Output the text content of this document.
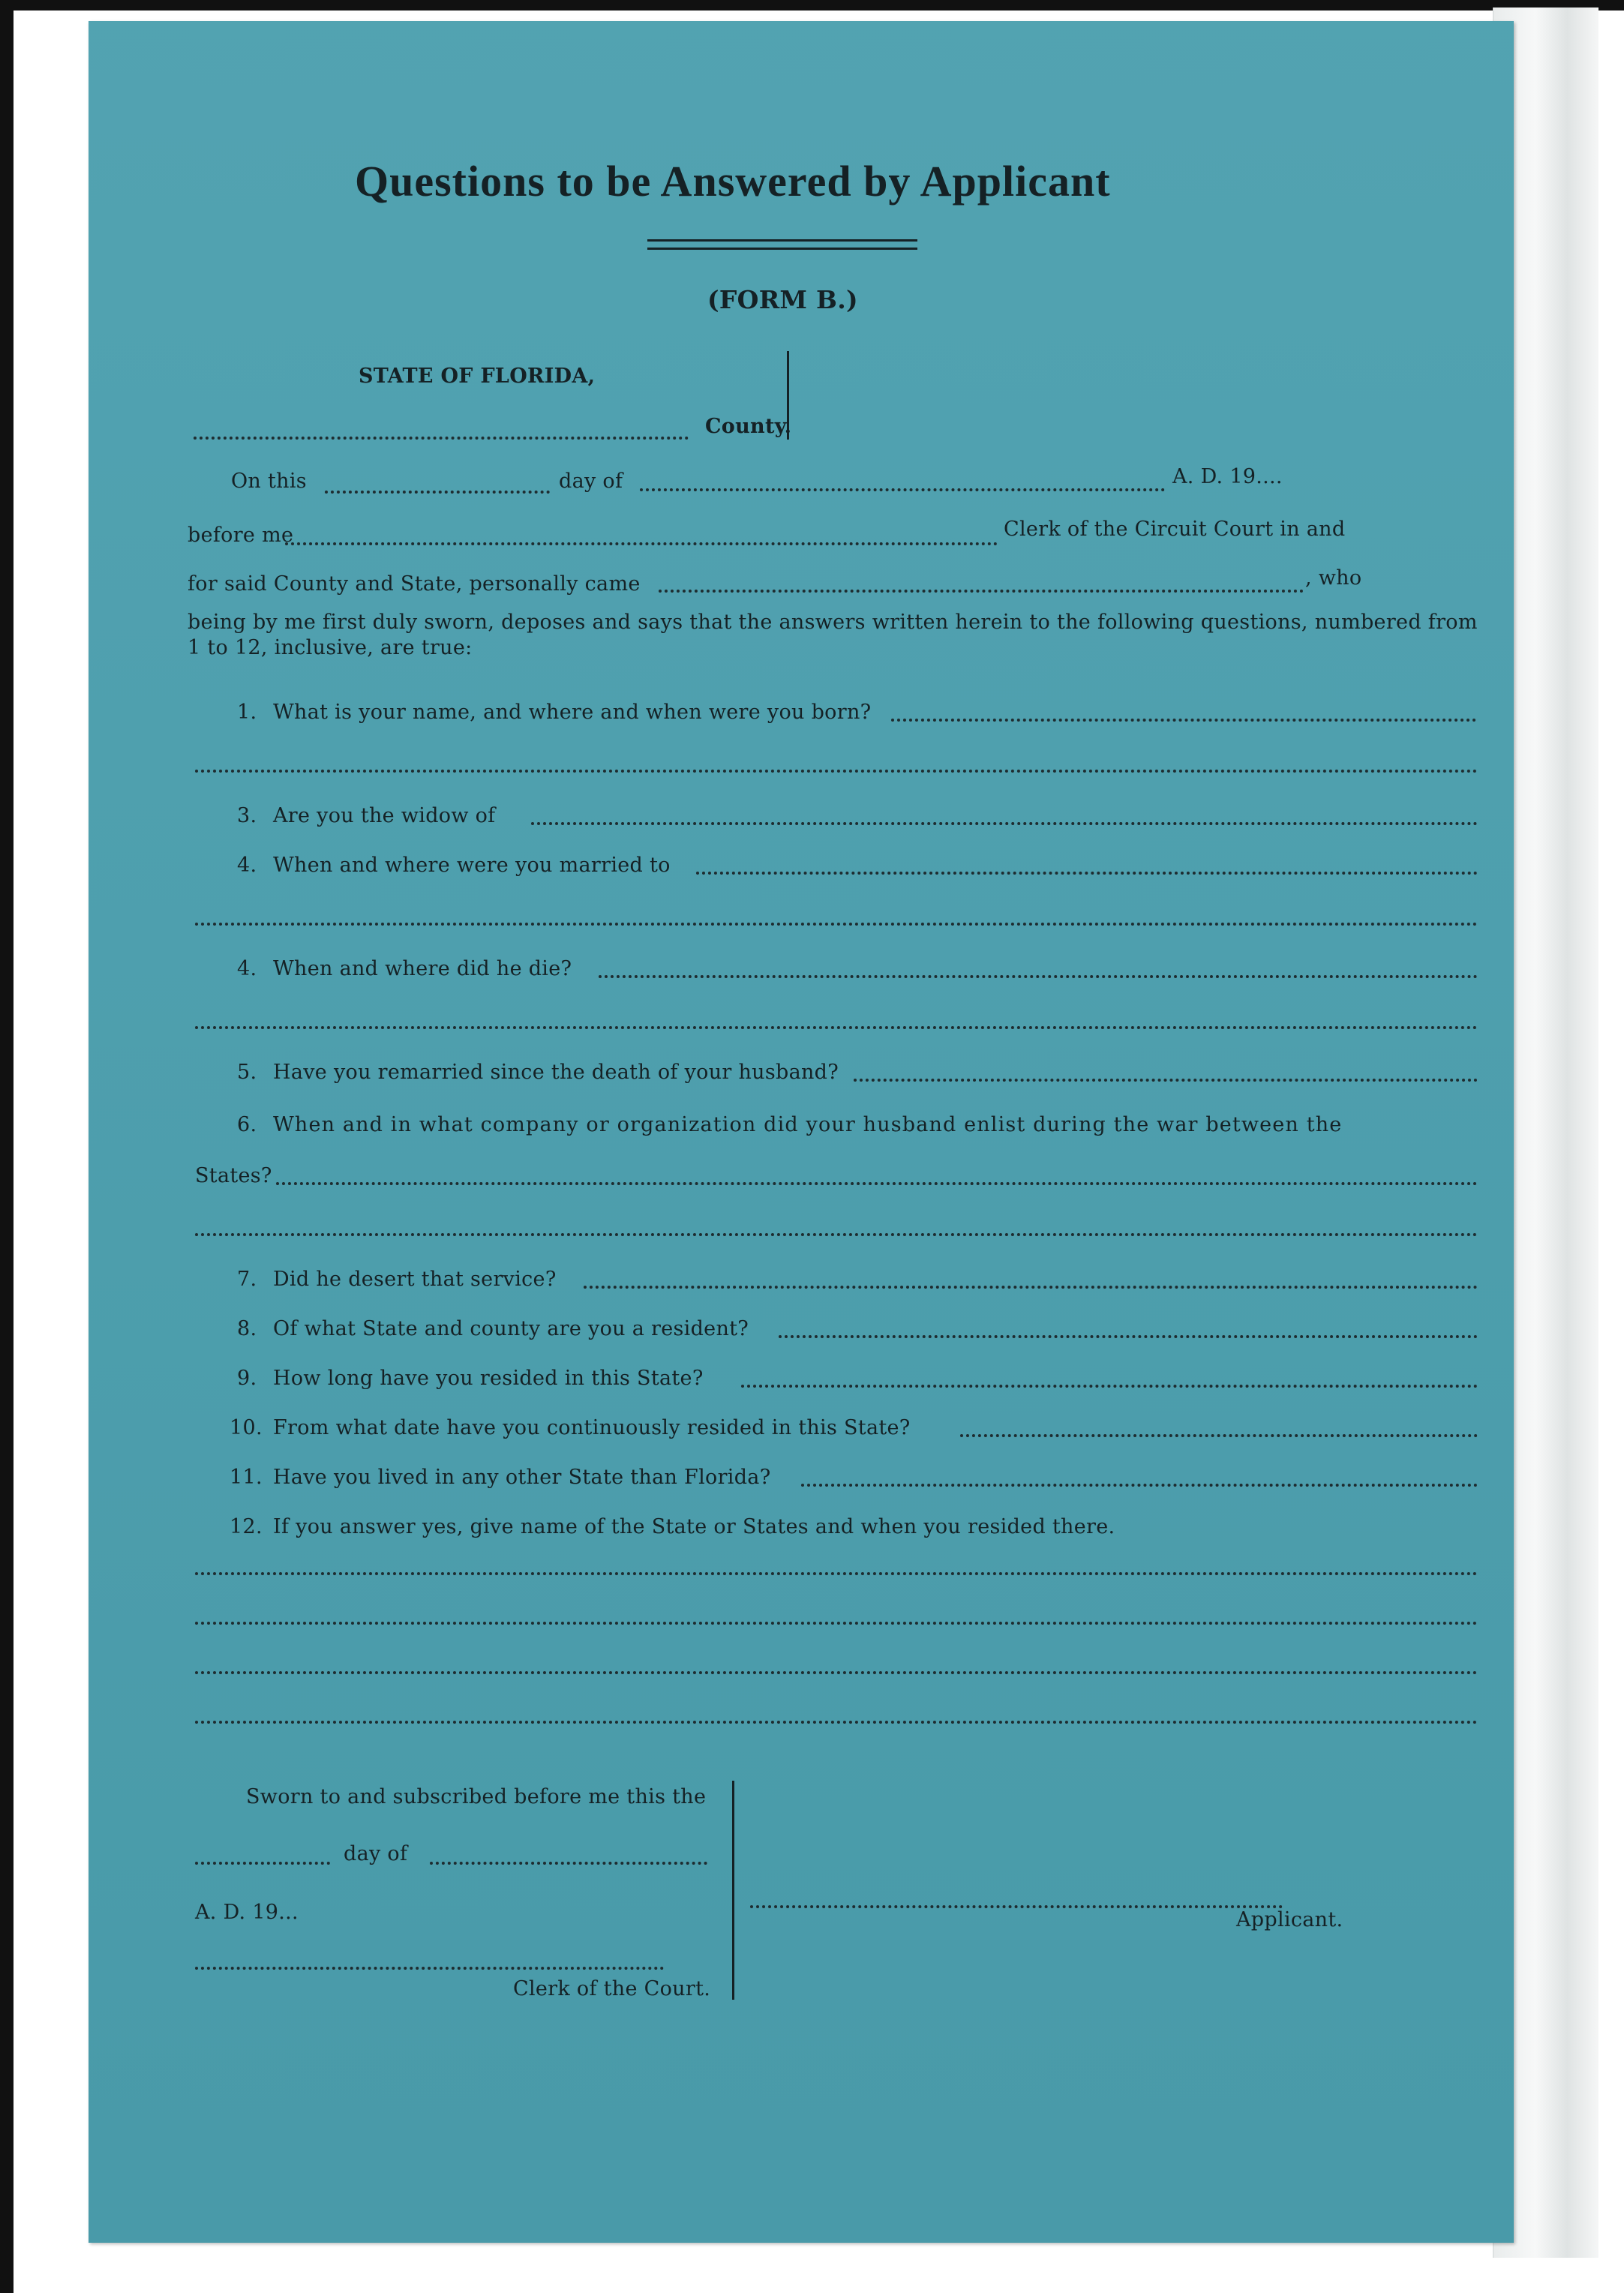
Questions to be Answered by Applicant
(FORM B.)
STATE OF FLORIDA,
County.
On this	day of	A. D. 19....
before me	Clerk of the Circuit Court in and
for said County and State, personally came	, who
being by me first duly sworn, deposes and says that the answers written herein to the following questions, numbered from 1 to 12, inclusive, are true:
1. What is your name, and where and when were you born?
3. Are you the widow of
4. When and where were you married to
4. When and where did he die?
5. Have you remarried since the death of your husband?
6. When and in what company or organization did your husband enlist during the war between the
States?
7. Did he desert that service?
8. Of what State and county are you a resident?
9. How long have you resided in this State?
10. From what date have you continuously resided in this State?
11. Have you lived in any other State than Florida?
12. If you answer yes, give name of the State or States and when you resided there.
Sworn to and subscribed before me this the
day of
A. D. 19...
Clerk of the Court.
Applicant.
